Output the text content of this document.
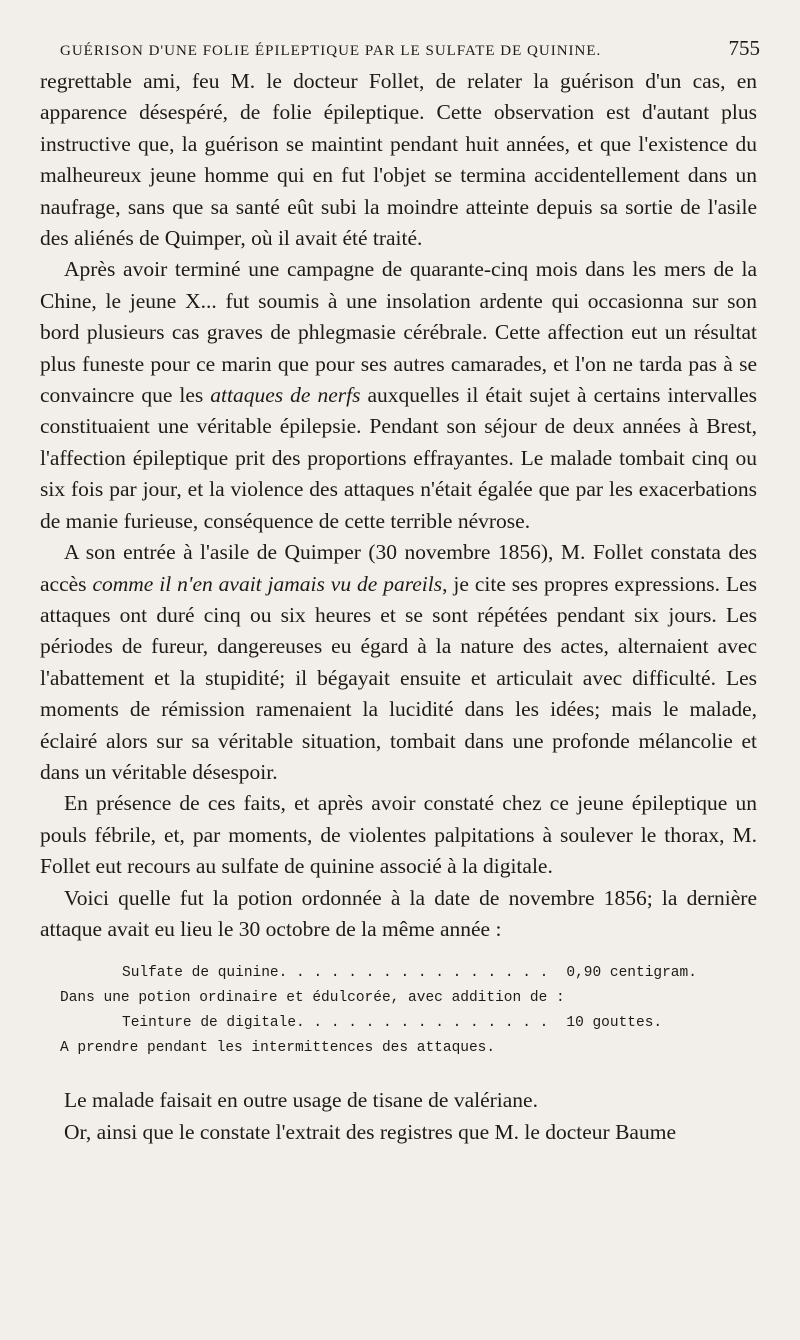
GUÉRISON D'UNE FOLIE ÉPILEPTIQUE PAR LE SULFATE DE QUININE.	755

regrettable ami, feu M. le docteur Follet, de relater la guérison d'un cas, en apparence désespéré, de folie épileptique. Cette observation est d'autant plus instructive que, la guérison se maintint pendant huit années, et que l'existence du malheureux jeune homme qui en fut l'objet se termina accidentellement dans un naufrage, sans que sa santé eût subi la moindre atteinte depuis sa sortie de l'asile des aliénés de Quimper, où il avait été traité.

Après avoir terminé une campagne de quarante-cinq mois dans les mers de la Chine, le jeune X... fut soumis à une insolation ardente qui occasionna sur son bord plusieurs cas graves de phlegmasie cérébrale. Cette affection eut un résultat plus funeste pour ce marin que pour ses autres camarades, et l'on ne tarda pas à se convaincre que les attaques de nerfs auxquelles il était sujet à certains intervalles constituaient une véritable épilepsie. Pendant son séjour de deux années à Brest, l'affection épileptique prit des proportions effrayantes. Le malade tombait cinq ou six fois par jour, et la violence des attaques n'était égalée que par les exacerbations de manie furieuse, conséquence de cette terrible névrose.

A son entrée à l'asile de Quimper (30 novembre 1856), M. Follet constata des accès comme il n'en avait jamais vu de pareils, je cite ses propres expressions. Les attaques ont duré cinq ou six heures et se sont répétées pendant six jours. Les périodes de fureur, dangereuses eu égard à la nature des actes, alternaient avec l'abattement et la stupidité; il bégayait ensuite et articulait avec difficulté. Les moments de rémission ramenaient la lucidité dans les idées; mais le malade, éclairé alors sur sa véritable situation, tombait dans une profonde mélancolie et dans un véritable désespoir.

En présence de ces faits, et après avoir constaté chez ce jeune épileptique un pouls fébrile, et, par moments, de violentes palpitations à soulever le thorax, M. Follet eut recours au sulfate de quinine associé à la digitale.

Voici quelle fut la potion ordonnée à la date de novembre 1856; la dernière attaque avait eu lieu le 30 octobre de la même année :

Sulfate de quinine . . . . . . . . . . . . . . . .	0,90 centigram.
Dans une potion ordinaire et édulcorée, avec addition de :
Teinture de digitale . . . . . . . . . . . . . . .	10 gouttes.
A prendre pendant les intermittences des attaques.

Le malade faisait en outre usage de tisane de valériane.

Or, ainsi que le constate l'extrait des registres que M. le docteur Baume
